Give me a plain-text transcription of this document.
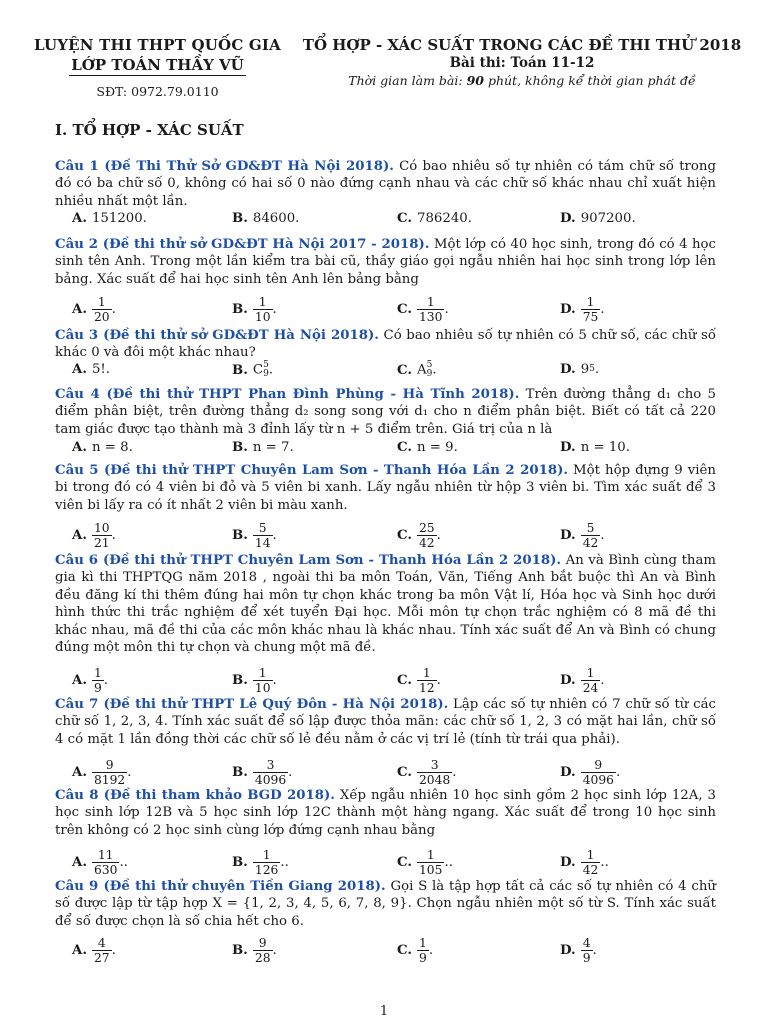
LUYỆN THI THPT QUỐC GIA
LỚP TOÁN THẦY VŨ
SĐT: 0972.79.0110
TỔ HỢP - XÁC SUẤT TRONG CÁC ĐỀ THI THỬ 2018
Bài thi: Toán 11-12
Thời gian làm bài: 90 phút, không kể thời gian phát đề
I. TỔ HỢP - XÁC SUẤT
Câu 1 (Đề Thi Thử Sở GD&ĐT Hà Nội 2018). Có bao nhiêu số tự nhiên có tám chữ số trong đó có ba chữ số 0, không có hai số 0 nào đứng cạnh nhau và các chữ số khác nhau chỉ xuất hiện nhiều nhất một lần.
A. 151200.	B. 84600.	C. 786240.	D. 907200.
Câu 2 (Đề thi thử sở GD&ĐT Hà Nội 2017 - 2018). Một lớp có 40 học sinh, trong đó có 4 học sinh tên Anh. Trong một lần kiểm tra bài cũ, thầy giáo gọi ngẫu nhiên hai học sinh trong lớp lên bảng. Xác suất để hai học sinh tên Anh lên bảng bằng
A. $\frac{1}{20}$ .	B. $\frac{1}{10}$ .	C. $\frac{1}{130}$ .	D. $\frac{1}{75}$ .
Câu 3 (Đề thi thử sở GD&ĐT Hà Nội 2018). Có bao nhiêu số tự nhiên có 5 chữ số, các chữ số khác 0 và đôi một khác nhau?
A. 5!.	B. C 5
9 .	C. A 5
9 .	D. 9 5 .
Câu 4 (Đề thi thử THPT Phan Đình Phùng - Hà Tĩnh 2018). Trên đường thẳng d₁ cho 5 điểm phân biệt, trên đường thẳng d₂ song song với d₁ cho n điểm phân biệt. Biết có tất cả 220 tam giác được tạo thành mà 3 đỉnh lấy từ n + 5 điểm trên. Giá trị của n là
A. n = 8.	B. n = 7.	C. n = 9.	D. n = 10.
Câu 5 (Đề thi thử THPT Chuyên Lam Sơn - Thanh Hóa Lần 2 2018). Một hộp đựng 9 viên bi trong đó có 4 viên bi đỏ và 5 viên bi xanh. Lấy ngẫu nhiên từ hộp 3 viên bi. Tìm xác suất để 3 viên bi lấy ra có ít nhất 2 viên bi màu xanh.
A. $\frac{10}{21}$ .	B. $\frac{5}{14}$ .	C. $\frac{25}{42}$ .	D. $\frac{5}{42}$ .
Câu 6 (Đề thi thử THPT Chuyên Lam Sơn - Thanh Hóa Lần 2 2018). An và Bình cùng tham gia kì thi THPTQG năm 2018 , ngoài thi ba môn Toán, Văn, Tiếng Anh bắt buộc thì An và Bình đều đăng kí thi thêm đúng hai môn tự chọn khác trong ba môn Vật lí, Hóa học và Sinh học dưới hình thức thi trắc nghiệm để xét tuyển Đại học. Mỗi môn tự chọn trắc nghiệm có 8 mã đề thi khác nhau, mã đề thi của các môn khác nhau là khác nhau. Tính xác suất để An và Bình có chung đúng một môn thi tự chọn và chung một mã đề.
A. $\frac{1}{9}$ .	B. $\frac{1}{10}$ .	C. $\frac{1}{12}$ .	D. $\frac{1}{24}$ .
Câu 7 (Đề thi thử THPT Lê Quý Đôn - Hà Nội 2018). Lập các số tự nhiên có 7 chữ số từ các chữ số 1, 2, 3, 4. Tính xác suất để số lập được thỏa mãn: các chữ số 1, 2, 3 có mặt hai lần, chữ số 4 có mặt 1 lần đồng thời các chữ số lẻ đều nằm ở các vị trí lẻ (tính từ trái qua phải).
A. $\frac{9}{8192}$ .	B. $\frac{3}{4096}$ .	C. $\frac{3}{2048}$ .	D. $\frac{9}{4096}$ .
Câu 8 (Đề thi tham khảo BGD 2018). Xếp ngẫu nhiên 10 học sinh gồm 2 học sinh lớp 12A, 3 học sinh lớp 12B và 5 học sinh lớp 12C thành một hàng ngang. Xác suất để trong 10 học sinh trên không có 2 học sinh cùng lớp đứng cạnh nhau bằng
A. $\frac{11}{630}$ ..	B. $\frac{1}{126}$ ..	C. $\frac{1}{105}$ ..	D. $\frac{1}{42}$ ..
Câu 9 (Đề thi thử chuyên Tiền Giang 2018). Gọi S là tập hợp tất cả các số tự nhiên có 4 chữ số được lập từ tập hợp X = {1, 2, 3, 4, 5, 6, 7, 8, 9}. Chọn ngẫu nhiên một số từ S. Tính xác suất để số được chọn là số chia hết cho 6.
A. $\frac{4}{27}$ .	B. $\frac{9}{28}$ .	C. $\frac{1}{9}$ .	D. $\frac{4}{9}$ .
1
